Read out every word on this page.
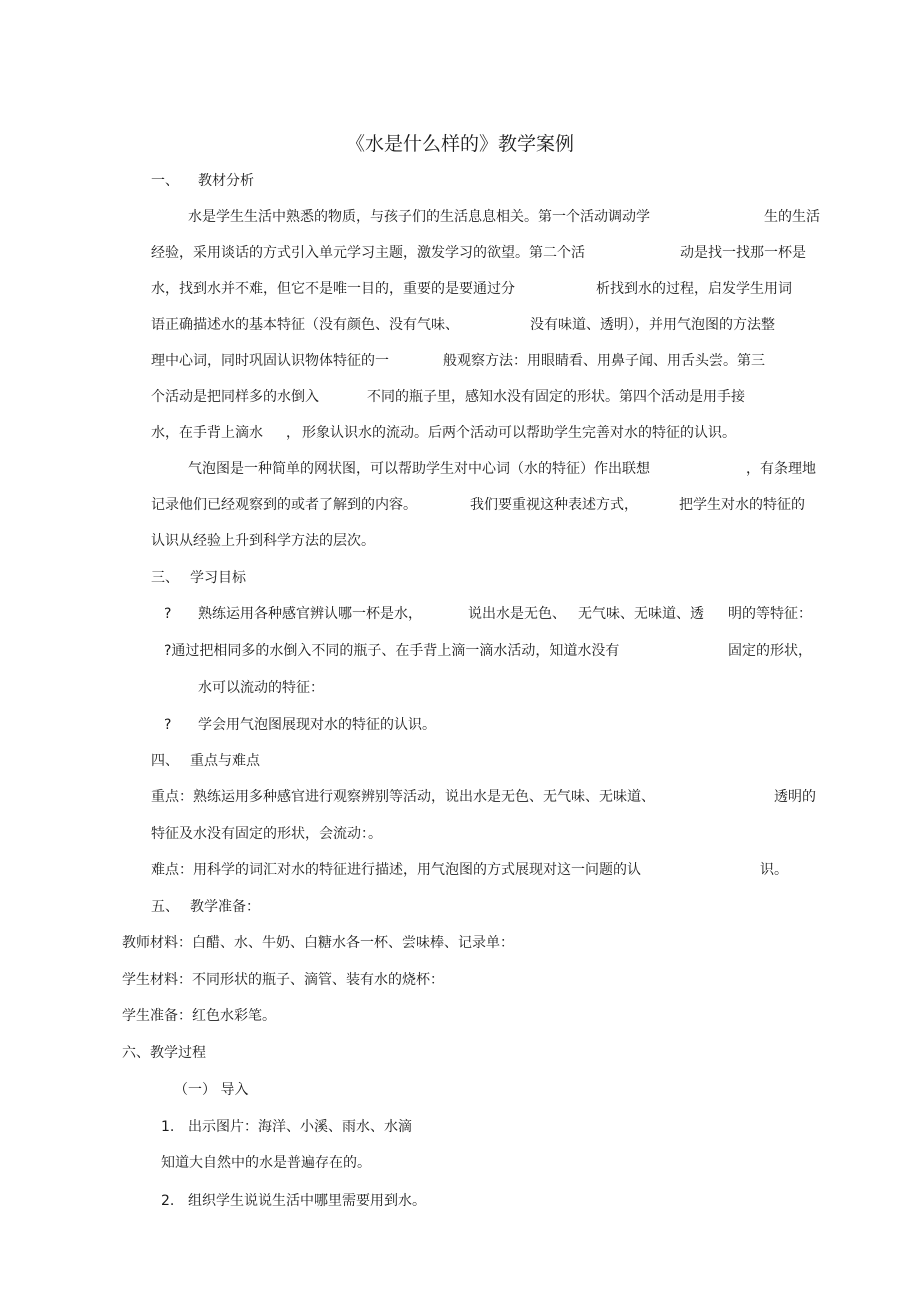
《水是什么样的》教学案例
一、 教材分析
水是学生生活中熟悉的物质，与孩子们的生活息息相关。第一个活动调动学	生的生活
经验，采用谈话的方式引入单元学习主题，激发学习的欲望。第二个活	动是找一找那一杯是
水，找到水并不难，但它不是唯一目的，重要的是要通过分	析找到水的过程，启发学生用词
语正确描述水的基本特征（没有颜色、没有气味、	没有味道、透明），并用气泡图的方法整
理中心词，同时巩固认识物体特征的一	般观察方法：用眼睛看、用鼻子闻、用舌头尝。第三
个活动是把同样多的水倒入	不同的瓶子里，感知水没有固定的形状。第四个活动是用手接
水，在手背上滴水 ， 形象认识水的流动。后两个活动可以帮助学生完善对水的特征的认识。
气泡图是一种简单的网状图，可以帮助学生对中心词（水的特征）作出联想	，有条理地
记录他们已经观察到的或者了解到的内容。	我们要重视这种表述方式，	把学生对水的特征的
认识从经验上升到科学方法的层次。
三、 学习目标
? 熟练运用各种感官辨认哪一杯是水，	说出水是无色、 无气味、无味道、透 明的等特征：
?通过把相同多的水倒入不同的瓶子、在手背上滴一滴水活动，知道水没有	固定的形状，
水可以流动的特征：
? 学会用气泡图展现对水的特征的认识。
四、 重点与难点
重点：熟练运用多种感官进行观察辨别等活动，说出水是无色、无气味、无味道、	透明的
特征及水没有固定的形状，会流动：。
难点：用科学的词汇对水的特征进行描述，用气泡图的方式展现对这一问题的认	识。
五、 教学准备：
教师材料：白醋、水、牛奶、白糖水各一杯、尝味棒、记录单：
学生材料：不同形状的瓶子、滴管、装有水的烧杯：
学生准备：红色水彩笔。
六、教学过程
（一） 导入
1. 出示图片：海洋、小溪、雨水、水滴
知道大自然中的水是普遍存在的。
2. 组织学生说说生活中哪里需要用到水。
